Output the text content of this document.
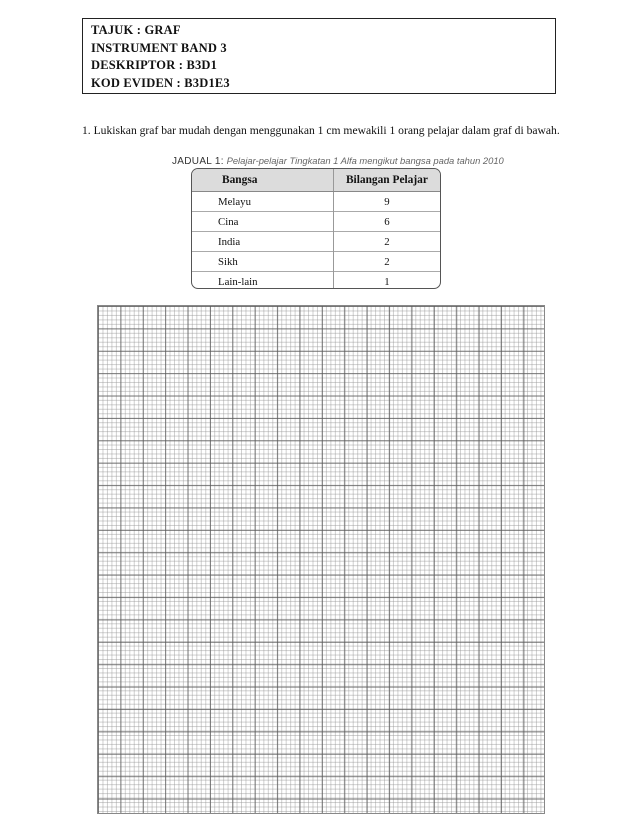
TAJUK : GRAF
INSTRUMENT BAND 3
DESKRIPTOR : B3D1
KOD EVIDEN : B3D1E3
1. Lukiskan graf bar mudah dengan menggunakan 1 cm mewakili 1 orang pelajar dalam graf di bawah.
JADUAL 1: Pelajar-pelajar Tingkatan 1 Alfa mengikut bangsa pada tahun 2010
Bangsa	Bilangan Pelajar
Melayu	9
Cina	6
India	2
Sikh	2
Lain-lain	1
